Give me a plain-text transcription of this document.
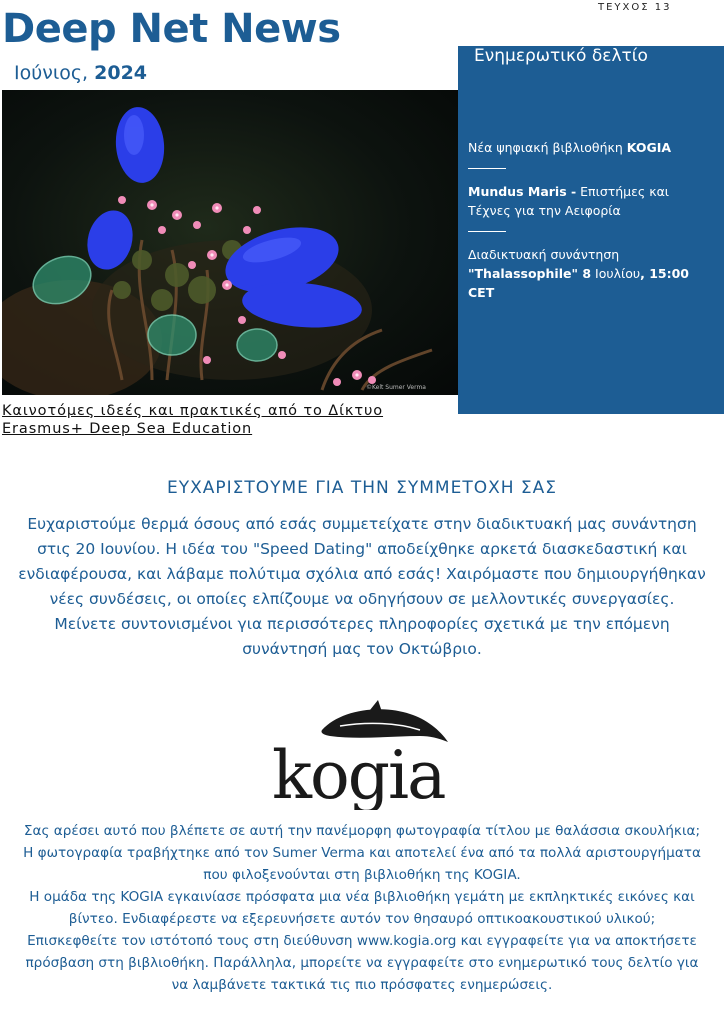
ΤΕΥΧΟΣ 13
Deep Net News
Ιούνιος, 2024
©Kelt Sumer Verma
Καινοτόμες ιδεές και πρακτικές από το Δίκτυο
Erasmus+ Deep Sea Education
Ενημερωτικό δελτίο
Νέα ψηφιακή βιβλιοθήκη KOGIA
Mundus Maris - Επιστήμες και Τέχνες για την Αειφορία
Διαδικτυακή συνάντηση
"Thalassophile" 8 Ιουλίου, 15:00 CET
ΕΥΧΑΡΙΣΤΟΥΜΕ ΓΙΑ ΤΗΝ ΣΥΜΜΕΤΟΧΗ ΣΑΣ

Ευχαριστούμε θερμά όσους από εσάς συμμετείχατε στην διαδικτυακή μας συνάντηση στις 20 Ιουνίου. Η ιδέα του "Speed Dating" αποδείχθηκε αρκετά διασκεδαστική και ενδιαφέρουσα, και λάβαμε πολύτιμα σχόλια από εσάς! Χαιρόμαστε που δημιουργήθηκαν νέες συνδέσεις, οι οποίες ελπίζουμε να οδηγήσουν σε μελλοντικές συνεργασίες.

Μείνετε συντονισμένοι για περισσότερες πληροφορίες σχετικά με την επόμενη συνάντησή μας τον Οκτώβριο.

kogia

Σας αρέσει αυτό που βλέπετε σε αυτή την πανέμορφη φωτογραφία τίτλου με θαλάσσια σκουλήκια; Η φωτογραφία τραβήχτηκε από τον Sumer Verma και αποτελεί ένα από τα πολλά αριστουργήματα που φιλοξενούνται στη βιβλιοθήκη της KOGIA.

Η ομάδα της KOGIA εγκαινίασε πρόσφατα μια νέα βιβλιοθήκη γεμάτη με εκπληκτικές εικόνες και βίντεο. Ενδιαφέρεστε να εξερευνήσετε αυτόν τον θησαυρό οπτικοακουστικού υλικού;

Επισκεφθείτε τον ιστότοπό τους στη διεύθυνση www.kogia.org και εγγραφείτε για να αποκτήσετε πρόσβαση στη βιβλιοθήκη. Παράλληλα, μπορείτε να εγγραφείτε στο ενημερωτικό τους δελτίο για να λαμβάνετε τακτικά τις πιο πρόσφατες ενημερώσεις.
